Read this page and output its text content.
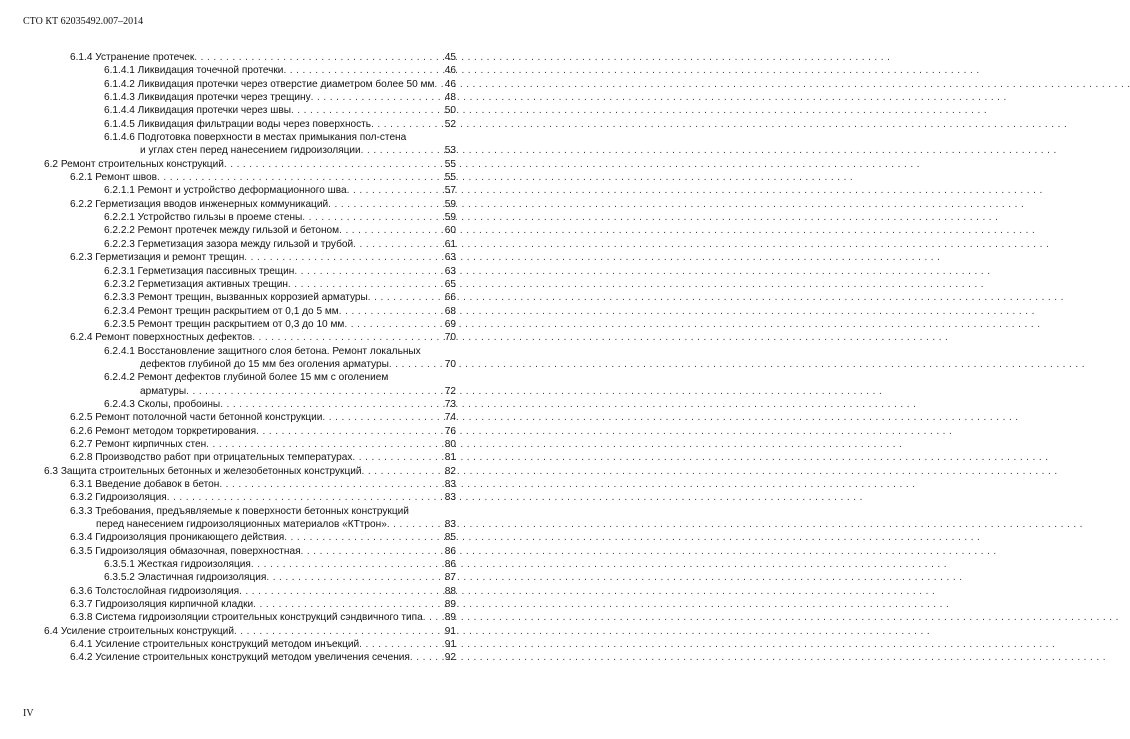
СТО КТ 62035492.007–2014
6.1.4 Устранение протечек . . .	45
6.1.4.1 Ликвидация точечной протечки . . .	46
6.1.4.2 Ликвидация протечки через отверстие диаметром более 50 мм . . . 46
6.1.4.3 Ликвидация протечки через трещину . . .	48
6.1.4.4 Ликвидация протечки через швы . . .	50
6.1.4.5 Ликвидация фильтрации воды через поверхность . . .	52
6.1.4.6 Подготовка поверхности в местах примыкания пол-стена
и углах стен перед нанесением гидроизоляции . . .	53
6.2 Ремонт строительных конструкций . . .	55
6.2.1 Ремонт швов . . .	55
6.2.1.1 Ремонт и устройство деформационного шва . . .	57
6.2.2 Герметизация вводов инженерных коммуникаций . . .	59
6.2.2.1 Устройство гильзы в проеме стены . . .	59
6.2.2.2 Ремонт протечек между гильзой и бетоном . . .	60
6.2.2.3 Герметизация зазора между гильзой и трубой . . .	61
6.2.3 Герметизация и ремонт трещин . . .	63
6.2.3.1 Герметизация пассивных трещин . . .	63
6.2.3.2 Герметизация активных трещин . . .	65
6.2.3.3 Ремонт трещин, вызванных коррозией арматуры . . .	66
6.2.3.4 Ремонт трещин раскрытием от 0,1 до 5 мм . . .	68
6.2.3.5 Ремонт трещин раскрытием от 0,3 до 10 мм . . .	69
6.2.4 Ремонт поверхностных дефектов . . .	70
6.2.4.1 Восстановление защитного слоя бетона. Ремонт локальных
дефектов глубиной до 15 мм без оголения арматуры . . .	70
6.2.4.2 Ремонт дефектов глубиной более 15 мм с оголением
арматуры . . .	72
6.2.4.3 Сколы, пробоины . . .	73
6.2.5 Ремонт потолочной части бетонной конструкции . . .	74
6.2.6 Ремонт методом торкретирования . . .	76
6.2.7 Ремонт кирпичных стен . . .	80
6.2.8 Производство работ при отрицательных температурах . . .	81
6.3 Защита строительных бетонных и железобетонных конструкций . . .	82
6.3.1 Введение добавок в бетон . . .	83
6.3.2 Гидроизоляция . . .	83
6.3.3 Требования, предъявляемые к поверхности бетонных конструкций
перед нанесением гидроизоляционных материалов «КТтрон» . . .	83
6.3.4 Гидроизоляция проникающего действия . . .	85
6.3.5 Гидроизоляция обмазочная, поверхностная . . .	86
6.3.5.1 Жесткая гидроизоляция . . .	86
6.3.5.2 Эластичная гидроизоляция . . .	87
6.3.6 Толстослойная гидроизоляция . . .	88
6.3.7 Гидроизоляция кирпичной кладки . . .	89
6.3.8 Система гидроизоляции строительных конструкций сэндвичного типа . . . 89
6.4 Усиление строительных конструкций . . .	91
6.4.1 Усиление строительных конструкций методом инъекций . . .	91
6.4.2 Усиление строительных конструкций методом увеличения сечения . . .	92
IV
